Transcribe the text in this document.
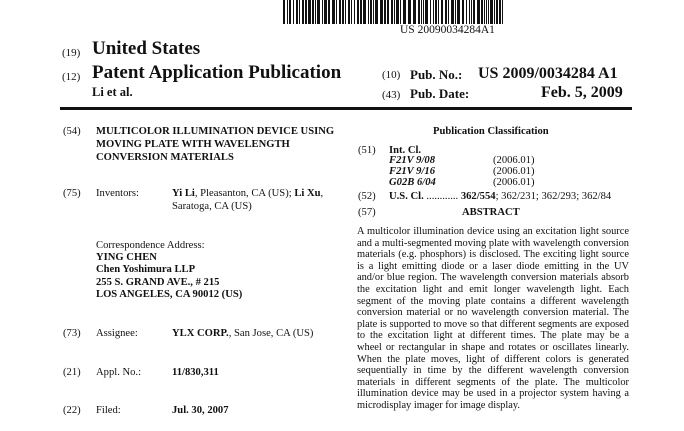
US 20090034284A1
(19) United States
(12) Patent Application Publication
Li et al.
(10) Pub. No.: US 2009/0034284 A1
(43) Pub. Date:	Feb. 5, 2009
(54) MULTICOLOR ILLUMINATION DEVICE USING MOVING PLATE WITH WAVELENGTH CONVERSION MATERIALS
(75) Inventors:	Yi Li, Pleasanton, CA (US); Li Xu,
Saratoga, CA (US)
Correspondence Address:
YING CHEN
Chen Yoshimura LLP
255 S. GRAND AVE., # 215
LOS ANGELES, CA 90012 (US)
(73) Assignee:	YLX CORP., San Jose, CA (US)
(21) Appl. No.:	11/830,311
(22) Filed:	Jul. 30, 2007
Publication Classification
(51) Int. Cl.
F21V 9/08	(2006.01)
F21V 9/16	(2006.01)
G02B 6/04	(2006.01)
(52) U.S. Cl. ............ 362/554; 362/231; 362/293; 362/84
(57)	ABSTRACT
A multicolor illumination device using an excitation light source and a multi-segmented moving plate with wavelength conversion materials (e.g. phosphors) is disclosed. The exciting light source is a light emitting diode or a laser diode emitting in the UV and/or blue region. The wavelength conversion materials absorb the excitation light and emit longer wavelength light. Each segment of the moving plate contains a different wavelength conversion material or no wavelength conversion material. The plate is supported to move so that different segments are exposed to the excitation light at different times. The plate may be a wheel or rectangular in shape and rotates or oscillates linearly. When the plate moves, light of different colors is generated sequentially in time by the different wavelength conversion materials in different segments of the plate. The multicolor illumination device may be used in a projector system having a microdisplay imager for image display.
